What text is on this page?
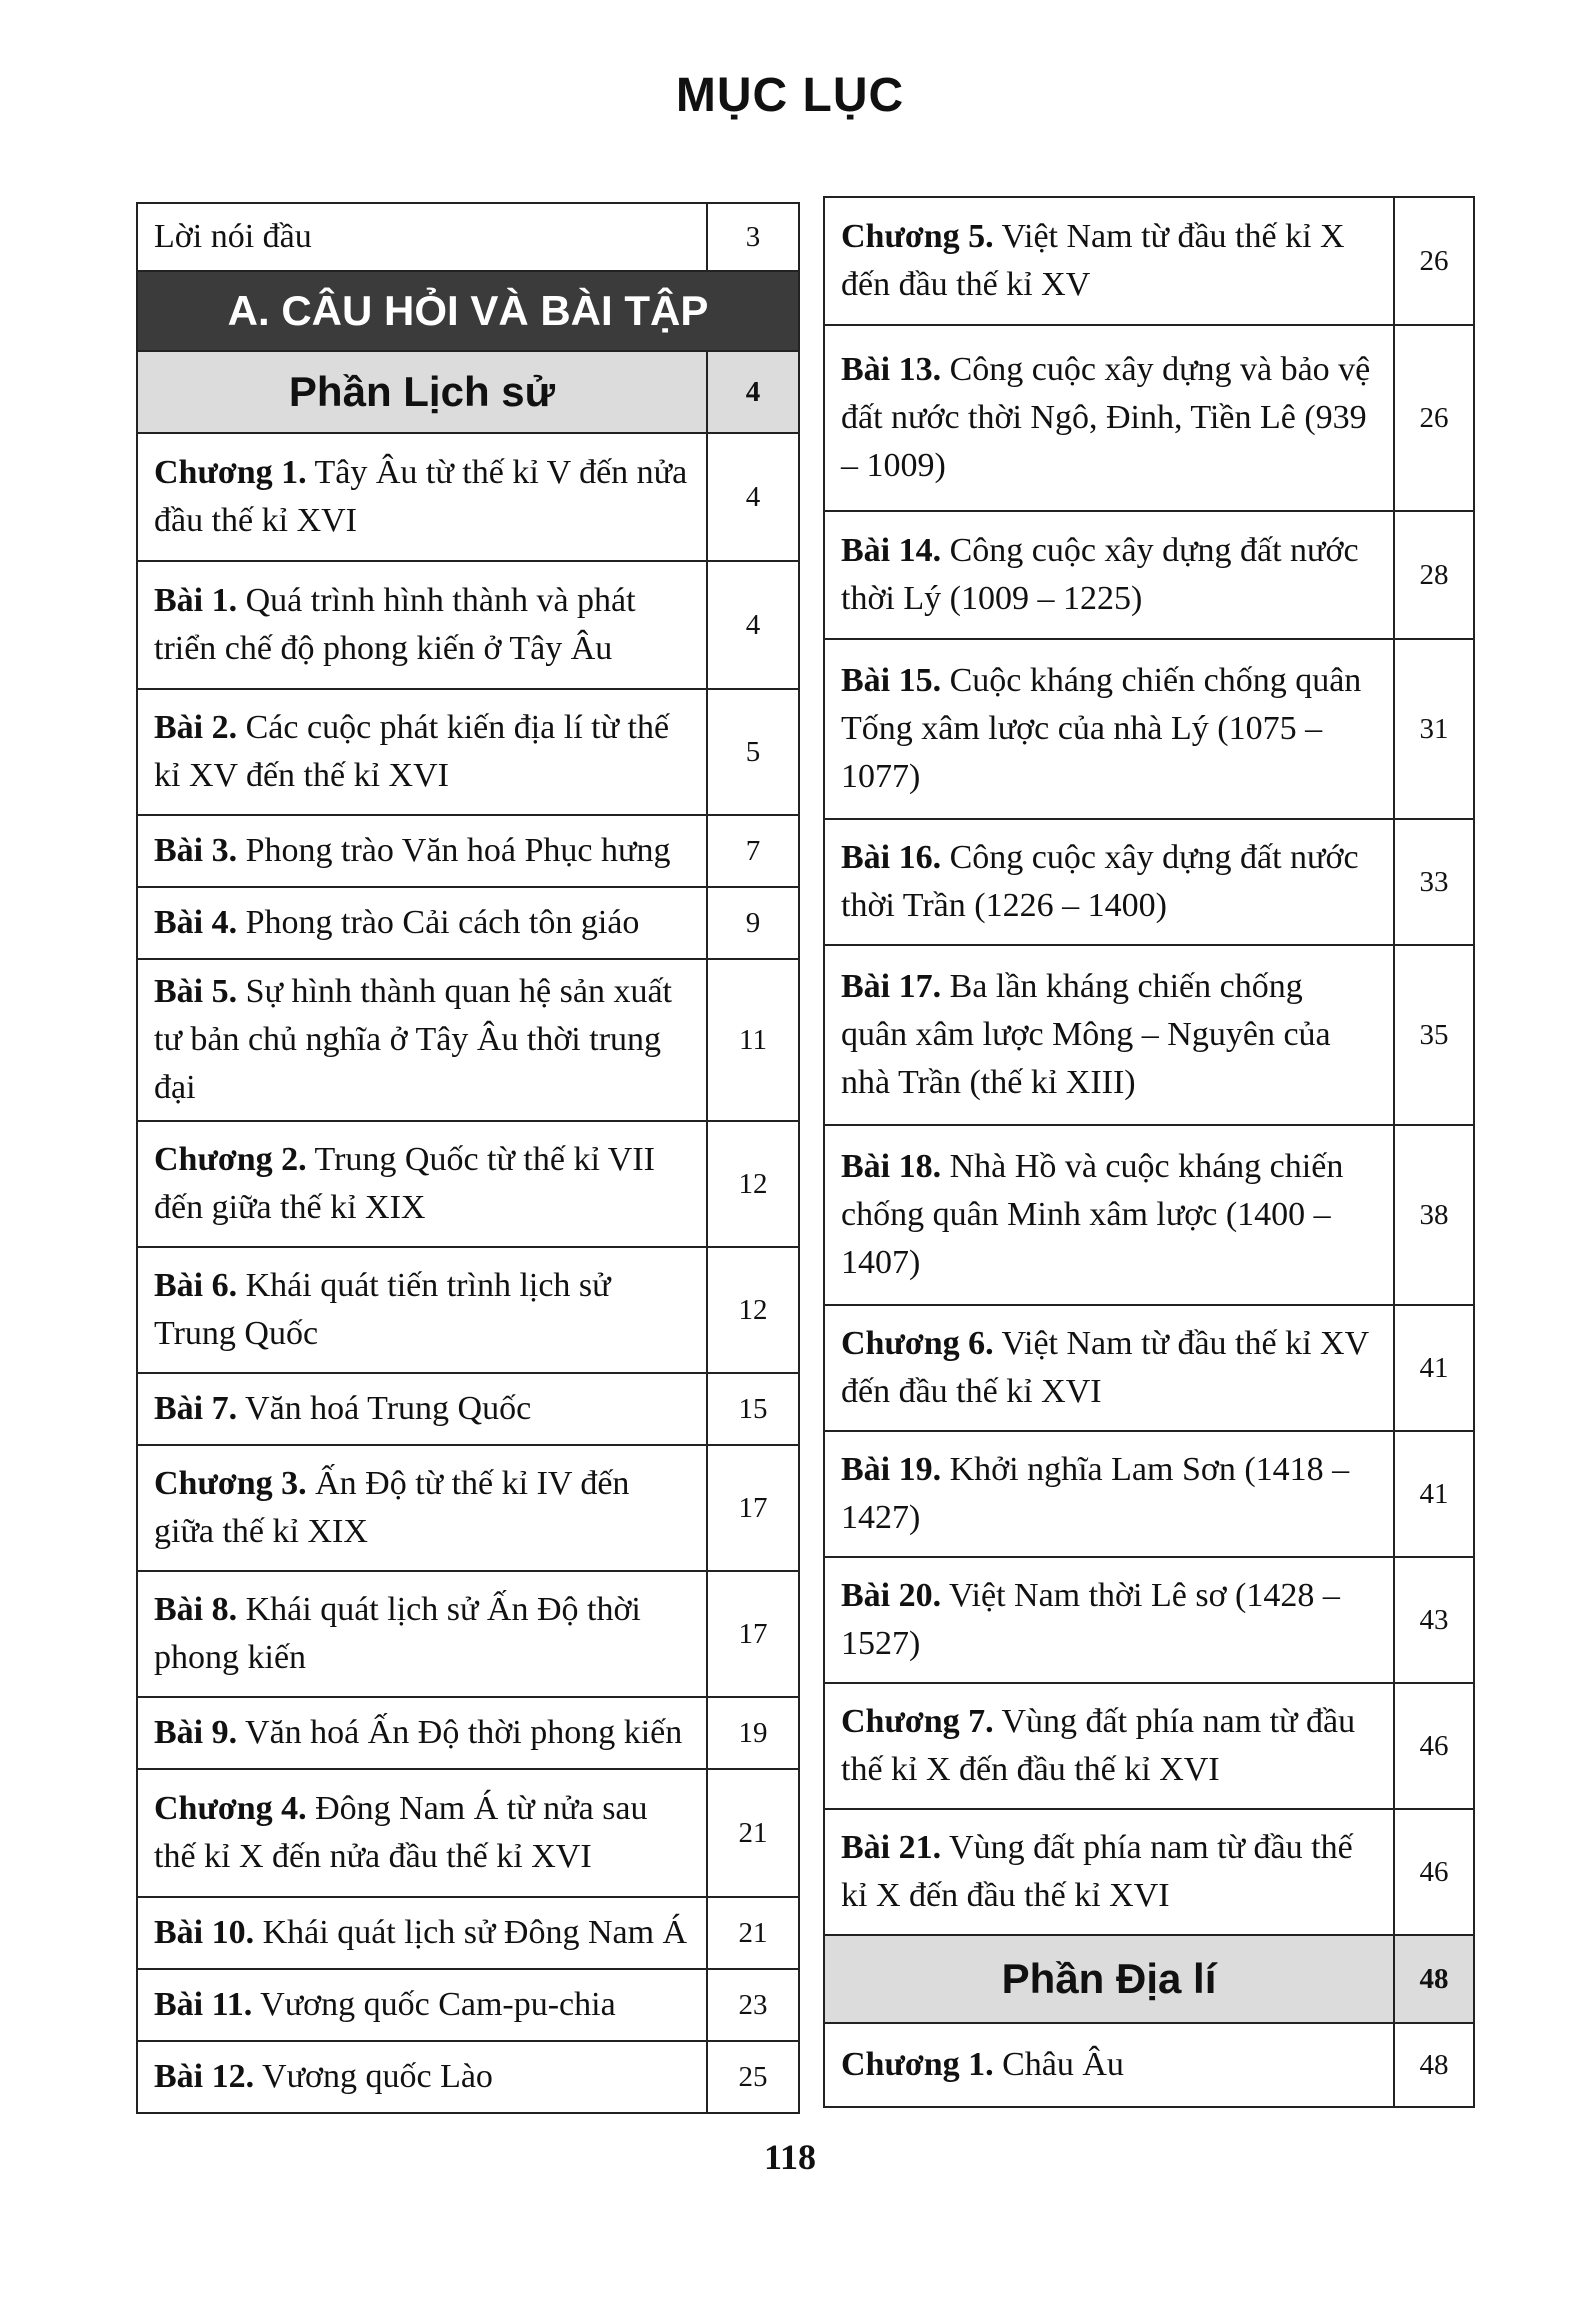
MỤC LỤC
Lời nói đầu	3
A. CÂU HỎI VÀ BÀI TẬP	
Phần Lịch sử	4
Chương 1. Tây Âu từ thế kỉ V đến nửa đầu thế kỉ XVI	4
Bài 1. Quá trình hình thành và phát triển chế độ phong kiến ở Tây Âu	4
Bài 2. Các cuộc phát kiến địa lí từ thế kỉ XV đến thế kỉ XVI	5
Bài 3. Phong trào Văn hoá Phục hưng	7
Bài 4. Phong trào Cải cách tôn giáo	9
Bài 5. Sự hình thành quan hệ sản xuất tư bản chủ nghĩa ở Tây Âu thời trung đại	11
Chương 2. Trung Quốc từ thế kỉ VII đến giữa thế kỉ XIX	12
Bài 6. Khái quát tiến trình lịch sử Trung Quốc	12
Bài 7. Văn hoá Trung Quốc	15
Chương 3. Ấn Độ từ thế kỉ IV đến giữa thế kỉ XIX	17
Bài 8. Khái quát lịch sử Ấn Độ thời phong kiến	17
Bài 9. Văn hoá Ấn Độ thời phong kiến	19
Chương 4. Đông Nam Á từ nửa sau thế kỉ X đến nửa đầu thế kỉ XVI	21
Bài 10. Khái quát lịch sử Đông Nam Á	21
Bài 11. Vương quốc Cam-pu-chia	23
Bài 12. Vương quốc Lào	25
Chương 5. Việt Nam từ đầu thế kỉ X đến đầu thế kỉ XV	26
Bài 13. Công cuộc xây dựng và bảo vệ đất nước thời Ngô, Đinh, Tiền Lê (939 – 1009)	26
Bài 14. Công cuộc xây dựng đất nước thời Lý (1009 – 1225)	28
Bài 15. Cuộc kháng chiến chống quân Tống xâm lược của nhà Lý (1075 – 1077)	31
Bài 16. Công cuộc xây dựng đất nước thời Trần (1226 – 1400)	33
Bài 17. Ba lần kháng chiến chống quân xâm lược Mông – Nguyên của nhà Trần (thế kỉ XIII)	35
Bài 18. Nhà Hồ và cuộc kháng chiến chống quân Minh xâm lược (1400 – 1407)	38
Chương 6. Việt Nam từ đầu thế kỉ XV đến đầu thế kỉ XVI	41
Bài 19. Khởi nghĩa Lam Sơn (1418 – 1427)	41
Bài 20. Việt Nam thời Lê sơ (1428 – 1527)	43
Chương 7. Vùng đất phía nam từ đầu thế kỉ X đến đầu thế kỉ XVI	46
Bài 21. Vùng đất phía nam từ đầu thế kỉ X đến đầu thế kỉ XVI	46
Phần Địa lí	48
Chương 1. Châu Âu	48
118
